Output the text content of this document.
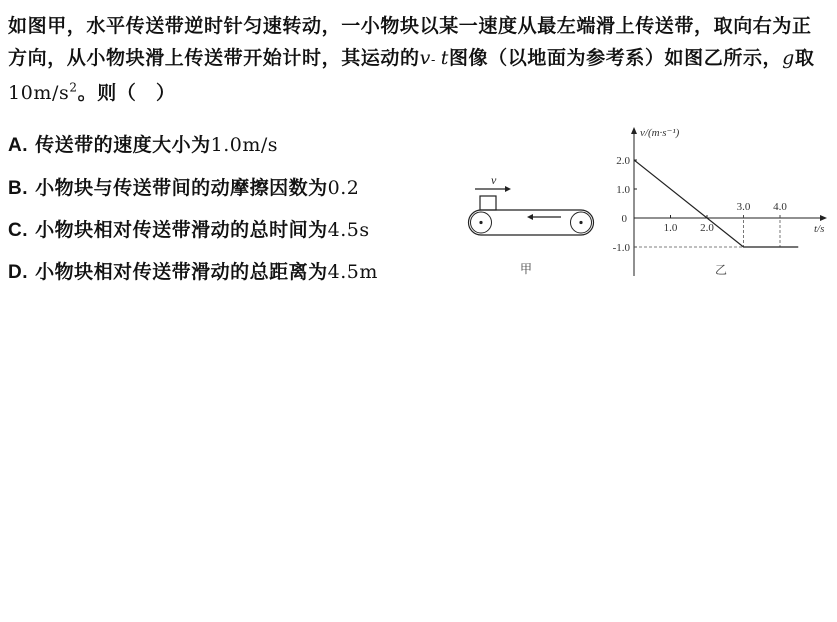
如图甲，水平传送带逆时针匀速转动，一小物块以某一速度从最左端滑上传送带，取向右为正方向，从小物块滑上传送带开始计时，其运动的v- t图像（以地面为参考系）如图乙所示，g取$10m/s^2$。则（　）
A. 传送带的速度大小为1.0m/s
B. 小物块与传送带间的动摩擦因数为0.2
C. 小物块相对传送带滑动的总时间为4.5s
D. 小物块相对传送带滑动的总距离为4.5m
v
甲
v/(m·s⁻¹)
t/s
0
1.0 2.0
3.0 4.0
2.0
1.0
-1.0
乙
